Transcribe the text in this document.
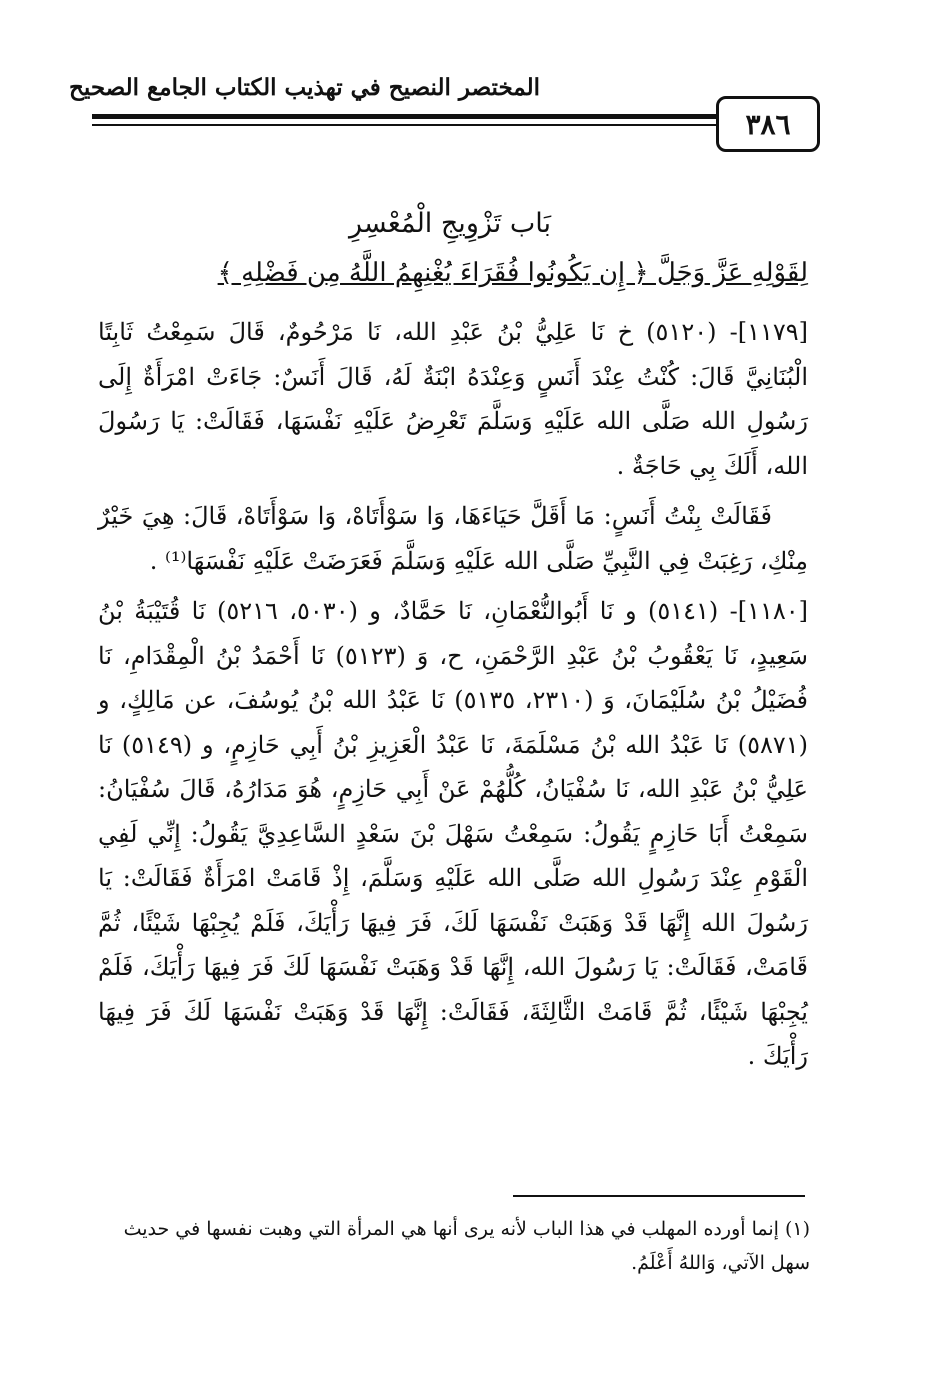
المختصر النصيح في تهذيب الكتاب الجامع الصحيح
٣٨٦
بَاب تَزْوِيجِ الْمُعْسِرِ
لِقَوْلِهِ عَزَّ وَجَلَّ ﴿ إِن يَكُونُوا فُقَرَاءَ يُغْنِهِمُ اللَّهُ مِن فَضْلِهِ ﴾

[١١٧٩]- (٥١٢٠) خ نَا عَلِيُّ بْنُ عَبْدِ الله، نَا مَرْحُومٌ، قَالَ سَمِعْتُ ثَابِتًا الْبُنَانِيَّ قَالَ: كُنْتُ عِنْدَ أَنَسٍ وَعِنْدَهُ ابْنَةٌ لَهُ، قَالَ أَنَسٌ: جَاءَتْ امْرَأَةٌ إِلَى رَسُولِ الله صَلَّى الله عَلَيْهِ وَسَلَّمَ تَعْرِضُ عَلَيْهِ نَفْسَهَا، فَقَالَتْ: يَا رَسُولَ الله، أَلَكَ بِي حَاجَةٌ .

فَقَالَتْ بِنْتُ أَنَسٍ: مَا أَقَلَّ حَيَاءَهَا، وَا سَوْأَتَاهْ، وَا سَوْأَتَاهْ، قَالَ: هِيَ خَيْرٌ مِنْكِ، رَغِبَتْ فِي النَّبِيِّ صَلَّى الله عَلَيْهِ وَسَلَّمَ فَعَرَضَتْ عَلَيْهِ نَفْسَهَا⁽¹⁾ .

[١١٨٠]- (٥١٤١) و نَا أَبُوالنُّعْمَانِ، نَا حَمَّادٌ، و (٥٠٣٠، ٥٢١٦) نَا قُتَيْبَةُ بْنُ سَعِيدٍ، نَا يَعْقُوبُ بْنُ عَبْدِ الرَّحْمَنِ، ح، وَ (٥١٢٣) نَا أَحْمَدُ بْنُ الْمِقْدَامِ، نَا فُضَيْلُ بْنُ سُلَيْمَانَ، وَ (٢٣١٠، ٥١٣٥) نَا عَبْدُ الله بْنُ يُوسُفَ، عن مَالِكٍ، و (٥٨٧١) نَا عَبْدُ الله بْنُ مَسْلَمَةَ، نَا عَبْدُ الْعَزِيزِ بْنُ أَبِي حَازِمٍ، و (٥١٤٩) نَا عَلِيُّ بْنُ عَبْدِ الله، نَا سُفْيَانُ، كُلُّهُمْ عَنْ أَبِي حَازِمٍ، هُوَ مَدَارُهُ، قَالَ سُفْيَانُ: سَمِعْتُ أَبَا حَازِمٍ يَقُولُ: سَمِعْتُ سَهْلَ بْنَ سَعْدٍ السَّاعِدِيَّ يَقُولُ: إِنِّي لَفِي الْقَوْمِ عِنْدَ رَسُولِ الله صَلَّى الله عَلَيْهِ وَسَلَّمَ، إِذْ قَامَتْ امْرَأَةٌ فَقَالَتْ: يَا رَسُولَ الله إِنَّهَا قَدْ وَهَبَتْ نَفْسَهَا لَكَ، فَرَ فِيهَا رَأْيَكَ، فَلَمْ يُجِبْهَا شَيْئًا، ثُمَّ قَامَتْ، فَقَالَتْ: يَا رَسُولَ الله، إِنَّهَا قَدْ وَهَبَتْ نَفْسَهَا لَكَ فَرَ فِيهَا رَأْيَكَ، فَلَمْ يُجِبْهَا شَيْئًا، ثُمَّ قَامَتْ الثَّالِثَةَ، فَقَالَتْ: إِنَّهَا قَدْ وَهَبَتْ نَفْسَهَا لَكَ فَرَ فِيهَا رَأْيَكَ .

(١) إنما أورده المهلب في هذا الباب لأنه يرى أنها هي المرأة التي وهبت نفسها في حديث سهل الآتي، وَاللهُ أَعْلَمُ.
